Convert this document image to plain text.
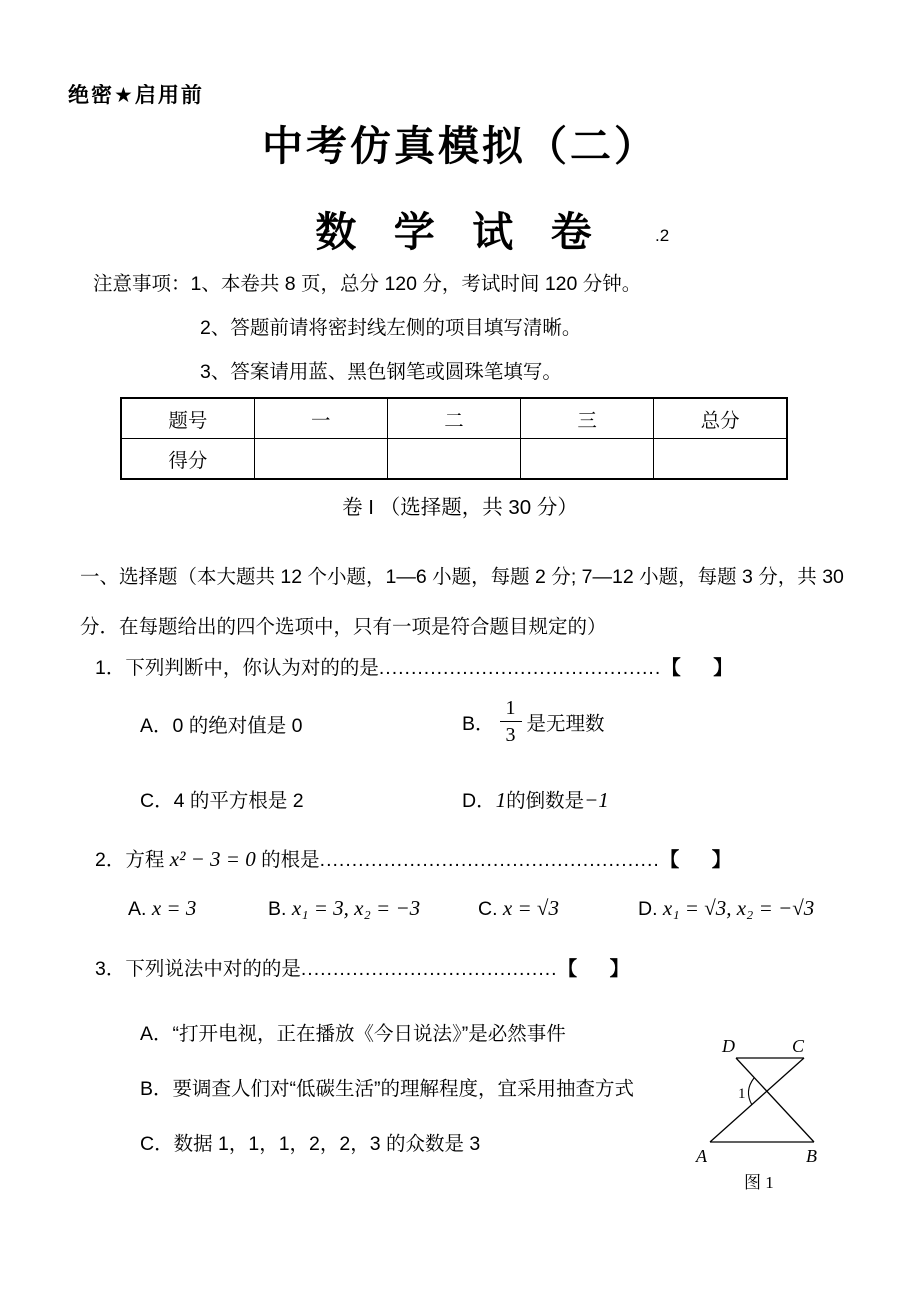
绝密★启用前
中考仿真模拟（二）
数 学 试 卷	.2
注意事项：1、本卷共 8 页，总分 120 分，考试时间 120 分钟。
2、答题前请将密封线左侧的项目填写清晰。
3、答案请用蓝、黑色钢笔或圆珠笔填写。
题号	一	二	三	总分
得分				
卷 I （选择题，共 30 分）
一、选择题（本大题共 12 个小题，1—6 小题，每题 2 分; 7—12 小题，每题 3 分，共 30
分．在每题给出的四个选项中，只有一项是符合题目规定的）
1．下列判断中，你认为对的的是............................................【      】
A．0 的绝对值是 0	B． $\frac{1}{3}$ 是无理数
C．4 的平方根是 2	D．1的倒数是−1
2．方程 x² − 3 = 0 的根是.....................................................【      】
A. x = 3	B. x₁ = 3, x₂ = −3	C. x = √3	D. x₁ = √3, x₂ = −√3
3．下列说法中对的的是........................................【      】
A．“打开电视，正在播放《今日说法》”是必然事件
B．要调查人们对“低碳生活”的理解程度，宜采用抽查方式
C．数据 1，1，1，2，2，3 的众数是 3
D	C
A	B
1
图 1
